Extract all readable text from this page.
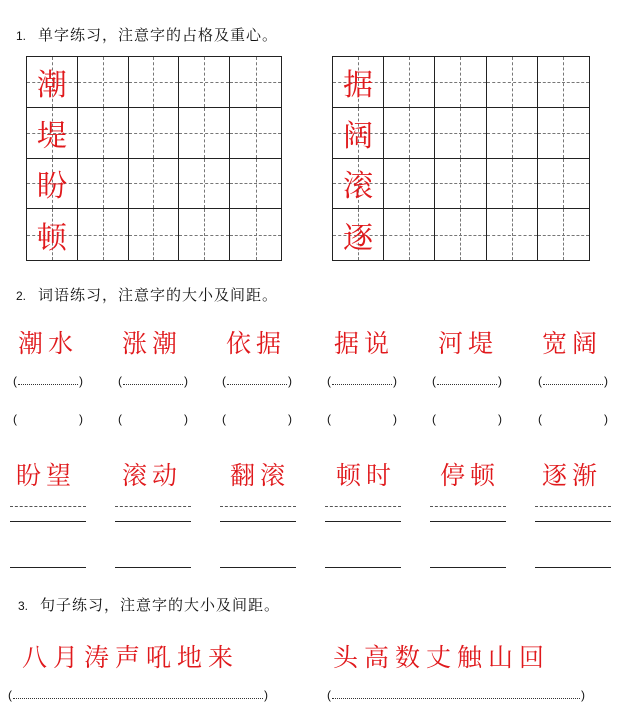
1. 单字练习，注意字的占格及重心。
潮
堤
盼
顿
据
阔
滚
逐
2. 词语练习，注意字的大小及间距。
潮水 涨潮 依据 据说 河堤 宽阔
(	)	(	)	(	)	(	)	(	)	(	)
(	)	(	)	(	)	(	)	(	)	(	)
盼望 滚动 翻滚 顿时 停顿 逐渐
3. 句子练习，注意字的大小及间距。
八月涛声吼地来	头高数丈触山回
(	)	(	)
